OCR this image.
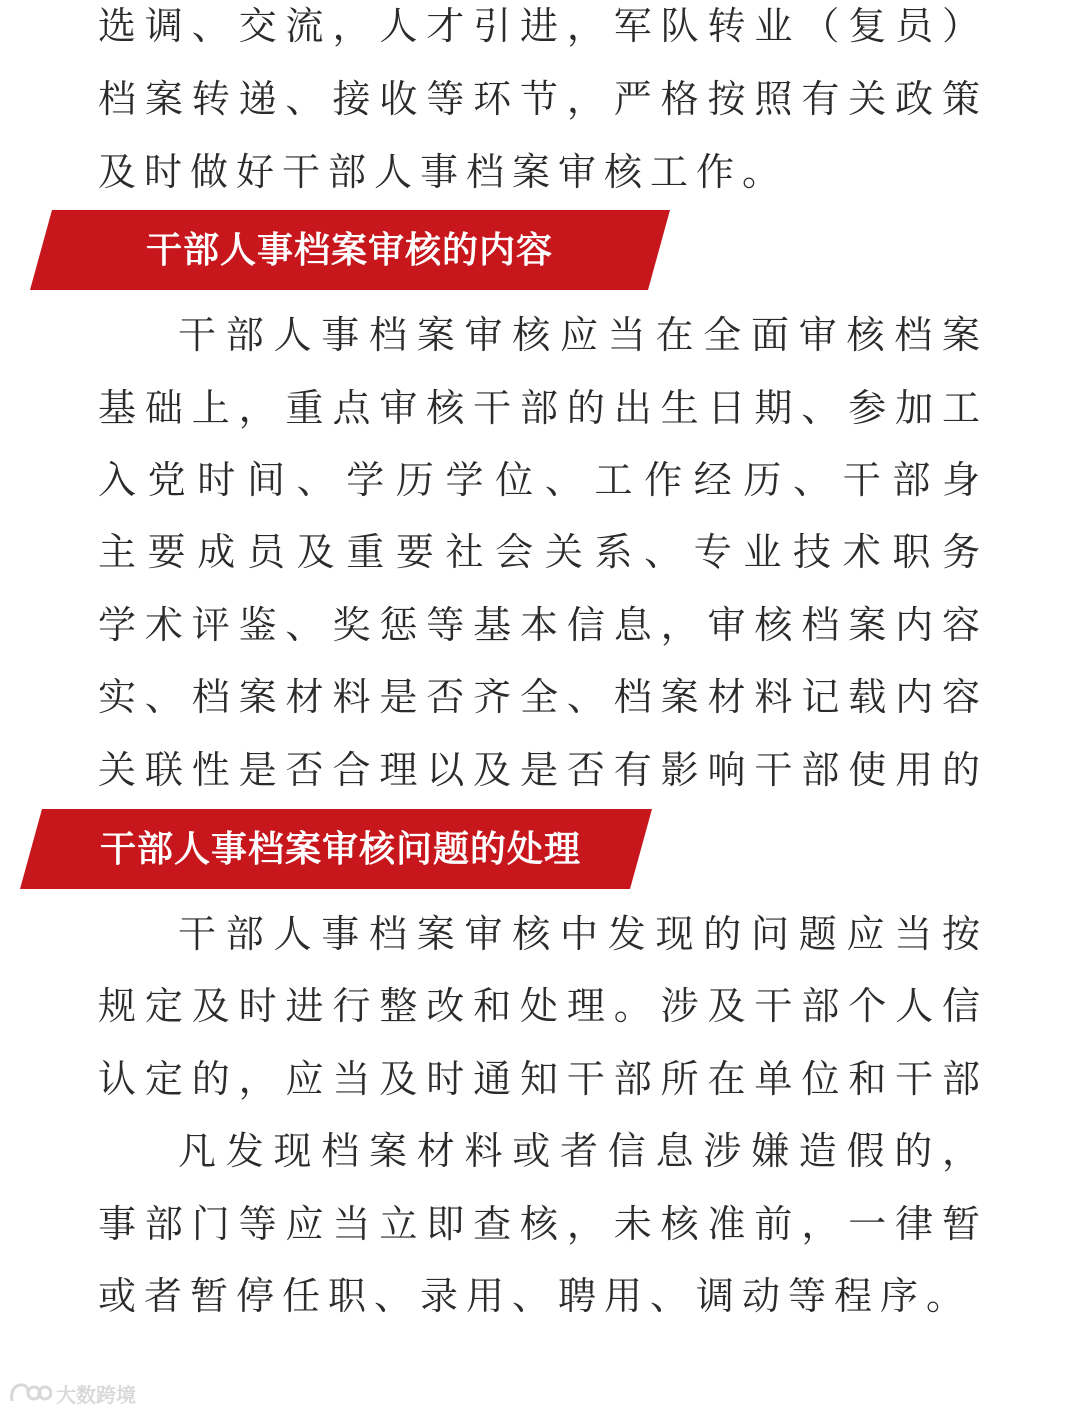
选调、交流，人才引进，军队转业（复员）
档案转递、接收等环节，严格按照有关政策
及时做好干部人事档案审核工作。
干部人事档案审核的内容
干部人事档案审核应当在全面审核档案
基础上，重点审核干部的出生日期、参加工
入党时间、学历学位、工作经历、干部身
主要成员及重要社会关系、专业技术职务
学术评鉴、奖惩等基本信息，审核档案内容
实、档案材料是否齐全、档案材料记载内容
关联性是否合理以及是否有影响干部使用的
干部人事档案审核问题的处理
干部人事档案审核中发现的问题应当按
规定及时进行整改和处理。涉及干部个人信
认定的，应当及时通知干部所在单位和干部
凡发现档案材料或者信息涉嫌造假的，
事部门等应当立即查核，未核准前，一律暂
或者暂停任职、录用、聘用、调动等程序。
大数跨境
